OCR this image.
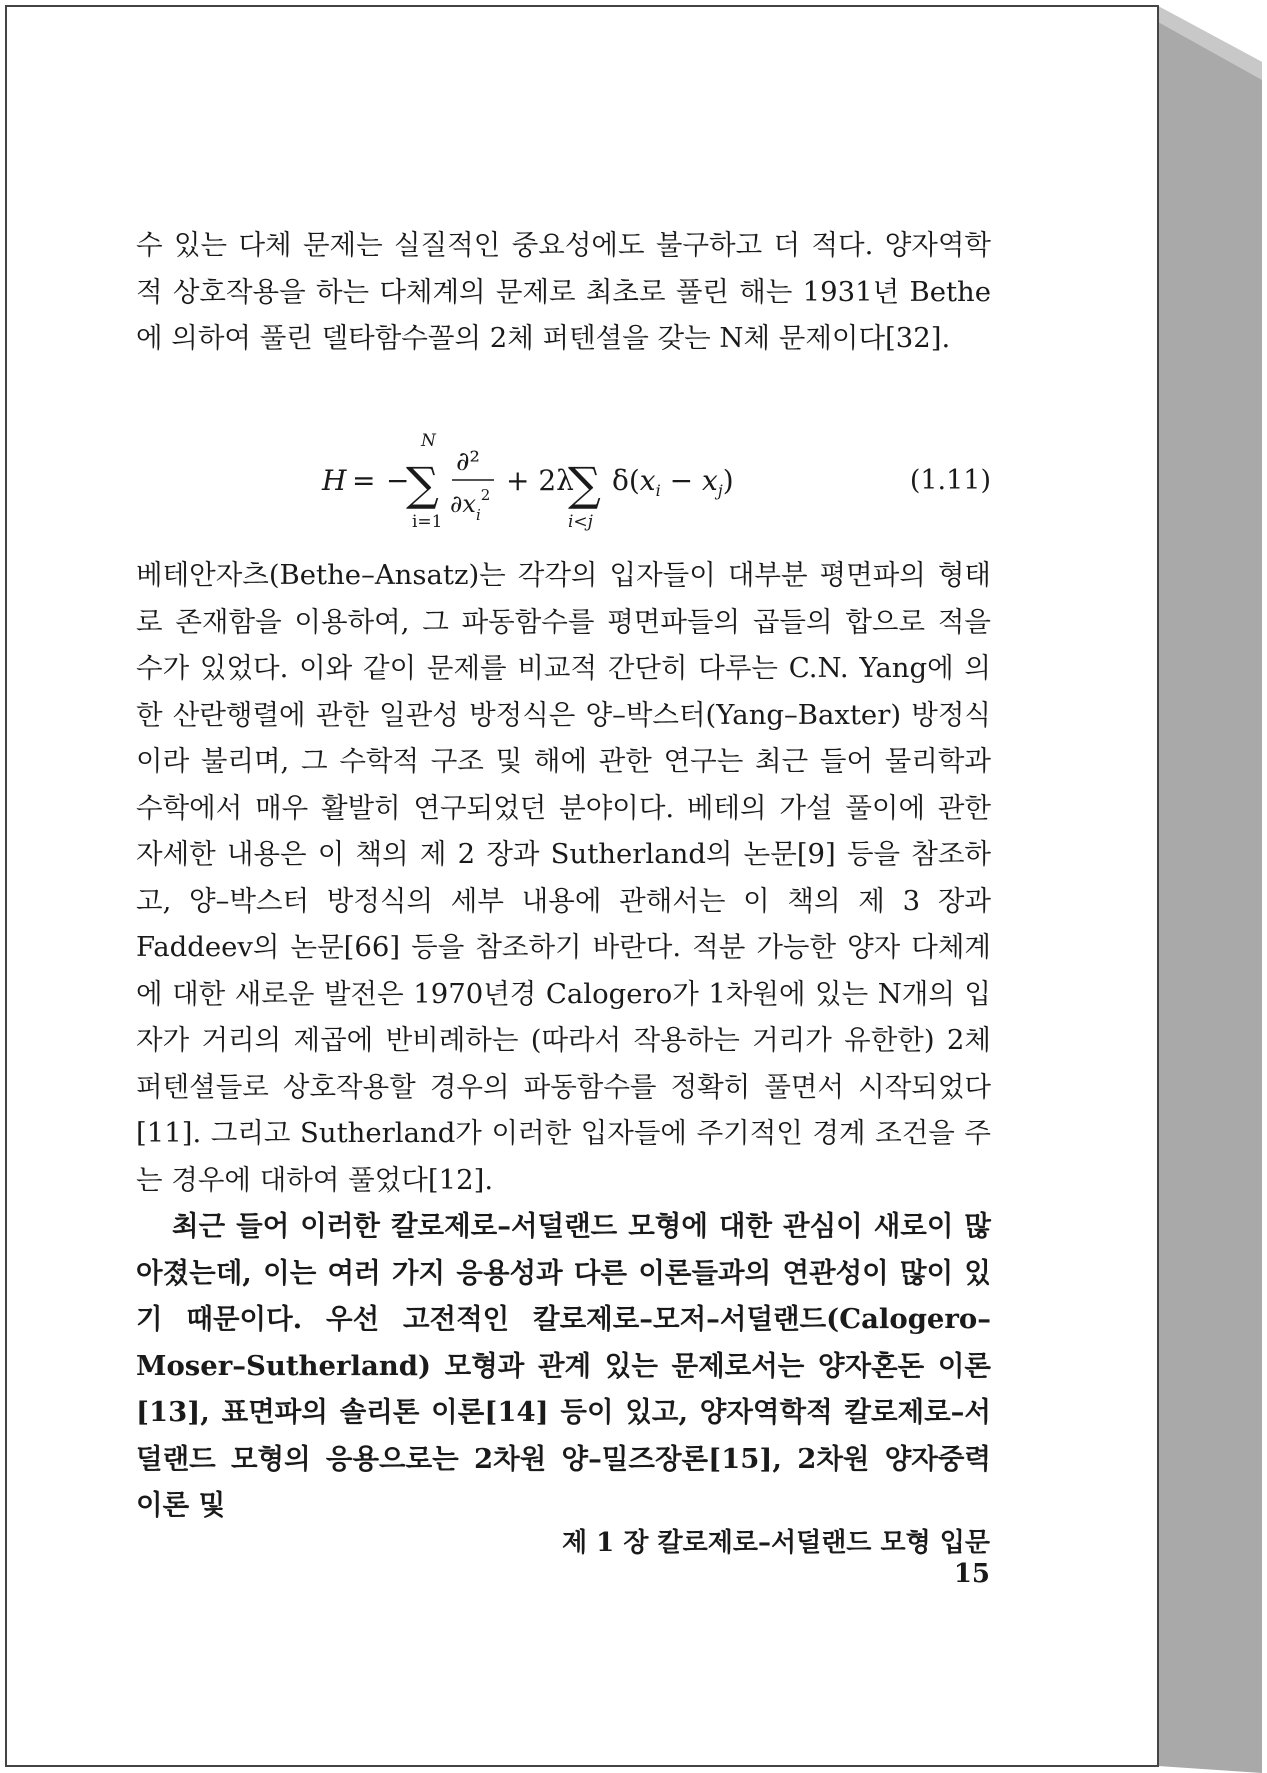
수 있는 다체 문제는 실질적인 중요성에도 불구하고 더 적다. 양자역학적 상호작용을 하는 다체계의 문제로 최초로 풀린 해는 1931년 Bethe에 의하여 풀린 델타함수꼴의 2체 퍼텐셜을 갖는 N체 문제이다[32].

H = −
∑
N
i=1
∂²
$\partial x_i^2 + 2\lambda$
∑
i<j
$\delta(x_i - x_j)$	(1.11)

베테안자츠(Bethe–Ansatz)는 각각의 입자들이 대부분 평면파의 형태로 존재함을 이용하여, 그 파동함수를 평면파들의 곱들의 합으로 적을 수가 있었다. 이와 같이 문제를 비교적 간단히 다루는 C.N. Yang에 의한 산란행렬에 관한 일관성 방정식은 양–박스터(Yang–Baxter) 방정식이라 불리며, 그 수학적 구조 및 해에 관한 연구는 최근 들어 물리학과 수학에서 매우 활발히 연구되었던 분야이다. 베테의 가설 풀이에 관한 자세한 내용은 이 책의 제 2 장과 Sutherland의 논문[9] 등을 참조하고, 양–박스터 방정식의 세부 내용에 관해서는 이 책의 제 3 장과 Faddeev의 논문[66] 등을 참조하기 바란다. 적분 가능한 양자 다체계에 대한 새로운 발전은 1970년경 Calogero가 1차원에 있는 N개의 입자가 거리의 제곱에 반비례하는 (따라서 작용하는 거리가 유한한) 2체 퍼텐셜들로 상호작용할 경우의 파동함수를 정확히 풀면서 시작되었다[11]. 그리고 Sutherland가 이러한 입자들에 주기적인 경계 조건을 주는 경우에 대하여 풀었다[12].

최근 들어 이러한 칼로제로–서덜랜드 모형에 대한 관심이 새로이 많아졌는데, 이는 여러 가지 응용성과 다른 이론들과의 연관성이 많이 있기 때문이다. 우선 고전적인 칼로제로–모저–서덜랜드(Calogero–Moser–Sutherland) 모형과 관계 있는 문제로서는 양자혼돈 이론[13], 표면파의 솔리톤 이론[14] 등이 있고, 양자역학적 칼로제로–서덜랜드 모형의 응용으로는 2차원 양–밀즈장론[15], 2차원 양자중력 이론 및

제 1 장 칼로제로–서덜랜드 모형 입문15
